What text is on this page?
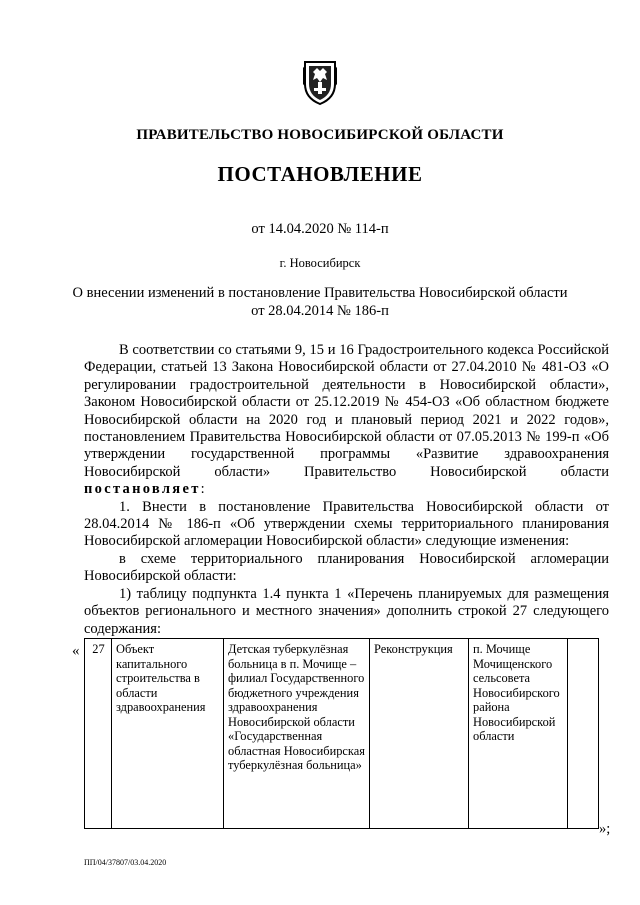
ПРАВИТЕЛЬСТВО НОВОСИБИРСКОЙ ОБЛАСТИ
ПОСТАНОВЛЕНИЕ
от 14.04.2020 № 114-п
г. Новосибирск
О внесении изменений в постановление Правительства Новосибирской области
от 28.04.2014 № 186-п

В соответствии со статьями 9, 15 и 16 Градостроительного кодекса Российской Федерации, статьей 13 Закона Новосибирской области от 27.04.2010 № 481-ОЗ «О регулировании градостроительной деятельности в Новосибирской области», Законом Новосибирской области от 25.12.2019 № 454-ОЗ «Об областном бюджете Новосибирской области на 2020 год и плановый период 2021 и 2022 годов», постановлением Правительства Новосибирской области от 07.05.2013 № 199-п «Об утверждении государственной программы «Развитие здравоохранения Новосибирской области» Правительство Новосибирской области постановляет:

1. Внести в постановление Правительства Новосибирской области от 28.04.2014 № 186-п «Об утверждении схемы территориального планирования Новосибирской агломерации Новосибирской области» следующие изменения:

в схеме территориального планирования Новосибирской агломерации Новосибирской области:

1) таблицу подпункта 1.4 пункта 1 «Перечень планируемых для размещения объектов регионального и местного значения» дополнить строкой 27 следующего содержания:

« 27	Объект капитального строительства в области здравоохранения	Детская туберкулёзная больница в п. Мочище – филиал Государственного бюджетного учреждения здравоохранения Новосибирской области «Государственная областная Новосибирская туберкулёзная больница»	Реконструкция	п. Мочище Мочищенского сельсовета Новосибирского района Новосибирской области	
»;
ПП/04/37807/03.04.2020
